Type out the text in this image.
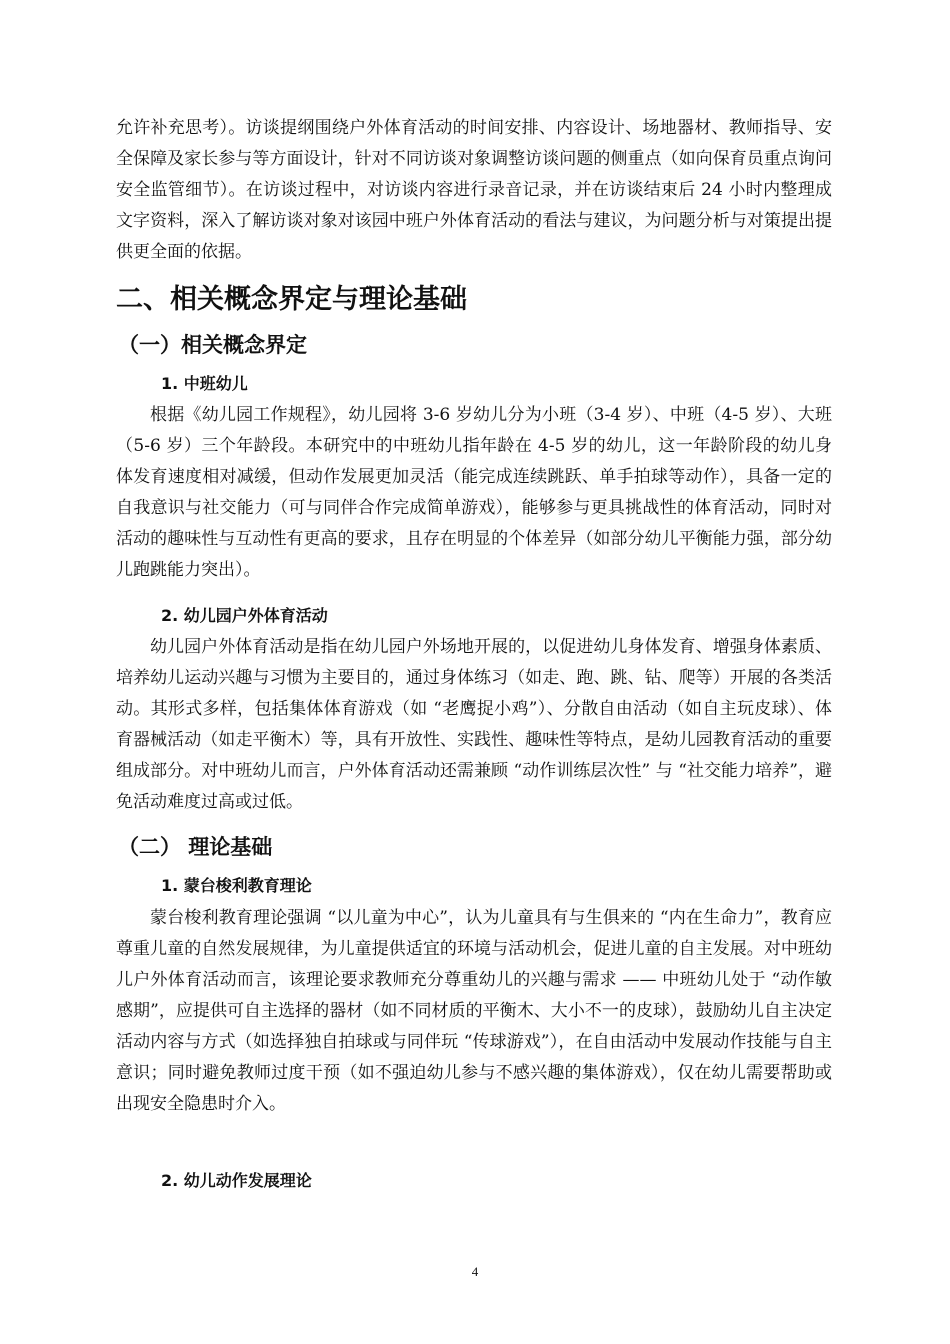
允许补充思考）。访谈提纲围绕户外体育活动的时间安排、内容设计、场地器材、教师指导、安全保障及家长参与等方面设计，针对不同访谈对象调整访谈问题的侧重点（如向保育员重点询问安全监管细节）。在访谈过程中，对访谈内容进行录音记录，并在访谈结束后 24 小时内整理成文字资料，深入了解访谈对象对该园中班户外体育活动的看法与建议，为问题分析与对策提出提供更全面的依据。

二、相关概念界定与理论基础
（一）相关概念界定
1. 中班幼儿

根据《幼儿园工作规程》，幼儿园将 3-6 岁幼儿分为小班（3-4 岁）、中班（4-5 岁）、大班（5-6 岁）三个年龄段。本研究中的中班幼儿指年龄在 4-5 岁的幼儿，这一年龄阶段的幼儿身体发育速度相对减缓，但动作发展更加灵活（能完成连续跳跃、单手拍球等动作），具备一定的自我意识与社交能力（可与同伴合作完成简单游戏），能够参与更具挑战性的体育活动，同时对活动的趣味性与互动性有更高的要求，且存在明显的个体差异（如部分幼儿平衡能力强，部分幼儿跑跳能力突出）。

2. 幼儿园户外体育活动

幼儿园户外体育活动是指在幼儿园户外场地开展的，以促进幼儿身体发育、增强身体素质、培养幼儿运动兴趣与习惯为主要目的，通过身体练习（如走、跑、跳、钻、爬等）开展的各类活动。其形式多样，包括集体体育游戏（如 “老鹰捉小鸡”）、分散自由活动（如自主玩皮球）、体育器械活动（如走平衡木）等，具有开放性、实践性、趣味性等特点，是幼儿园教育活动的重要组成部分。对中班幼儿而言，户外体育活动还需兼顾 “动作训练层次性” 与 “社交能力培养”，避免活动难度过高或过低。

（二） 理论基础
1. 蒙台梭利教育理论

蒙台梭利教育理论强调 “以儿童为中心”，认为儿童具有与生俱来的 “内在生命力”，教育应尊重儿童的自然发展规律，为儿童提供适宜的环境与活动机会，促进儿童的自主发展。对中班幼儿户外体育活动而言，该理论要求教师充分尊重幼儿的兴趣与需求 —— 中班幼儿处于 “动作敏感期”，应提供可自主选择的器材（如不同材质的平衡木、大小不一的皮球），鼓励幼儿自主决定活动内容与方式（如选择独自拍球或与同伴玩 “传球游戏”），在自由活动中发展动作技能与自主意识；同时避免教师过度干预（如不强迫幼儿参与不感兴趣的集体游戏），仅在幼儿需要帮助或出现安全隐患时介入。

2. 幼儿动作发展理论
4
